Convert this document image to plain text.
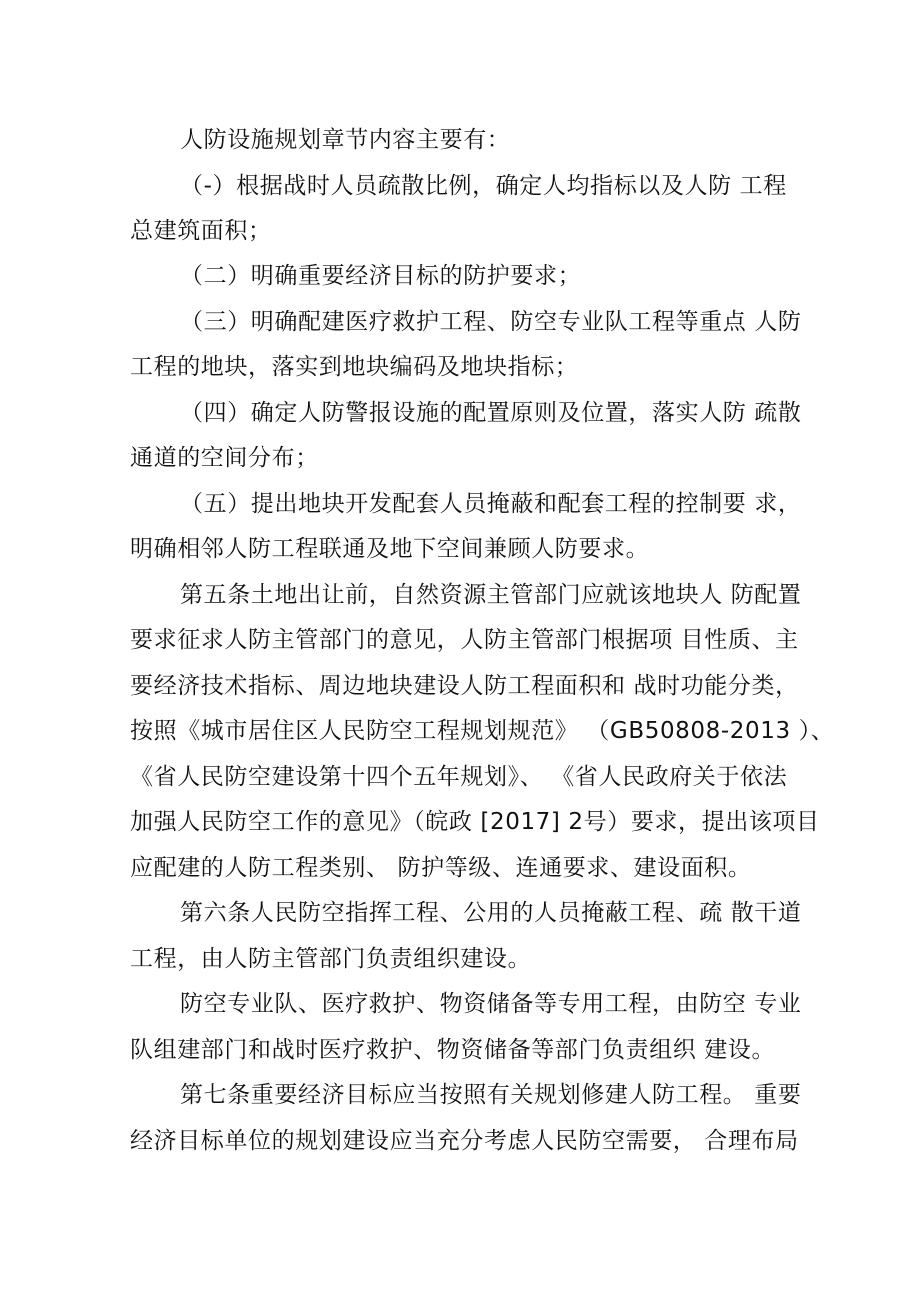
人防设施规划章节内容主要有：

（-）根据战时人员疏散比例，确定人均指标以及人防 工程

总建筑面积；

（二）明确重要经济目标的防护要求；

（三）明确配建医疗救护工程、防空专业队工程等重点 人防

工程的地块，落实到地块编码及地块指标；

（四）确定人防警报设施的配置原则及位置，落实人防 疏散

通道的空间分布；

（五）提出地块开发配套人员掩蔽和配套工程的控制要 求，

明确相邻人防工程联通及地下空间兼顾人防要求。

第五条土地出让前，自然资源主管部门应就该地块人 防配置

要求征求人防主管部门的意见，人防主管部门根据项 目性质、主

要经济技术指标、周边地块建设人防工程面积和 战时功能分类，

按照《城市居住区人民防空工程规划规范》 （GB50808-2013 ）、

《省人民防空建设第十四个五年规划》、 《省人民政府关于依法

加强人民防空工作的意见》（皖政 [2017] 2号）要求，提出该项目

应配建的人防工程类别、 防护等级、连通要求、建设面积。

第六条人民防空指挥工程、公用的人员掩蔽工程、疏 散干道

工程，由人防主管部门负责组织建设。

防空专业队、医疗救护、物资储备等专用工程，由防空 专业

队组建部门和战时医疗救护、物资储备等部门负责组织 建设。

第七条重要经济目标应当按照有关规划修建人防工程。 重要

经济目标单位的规划建设应当充分考虑人民防空需要， 合理布局
